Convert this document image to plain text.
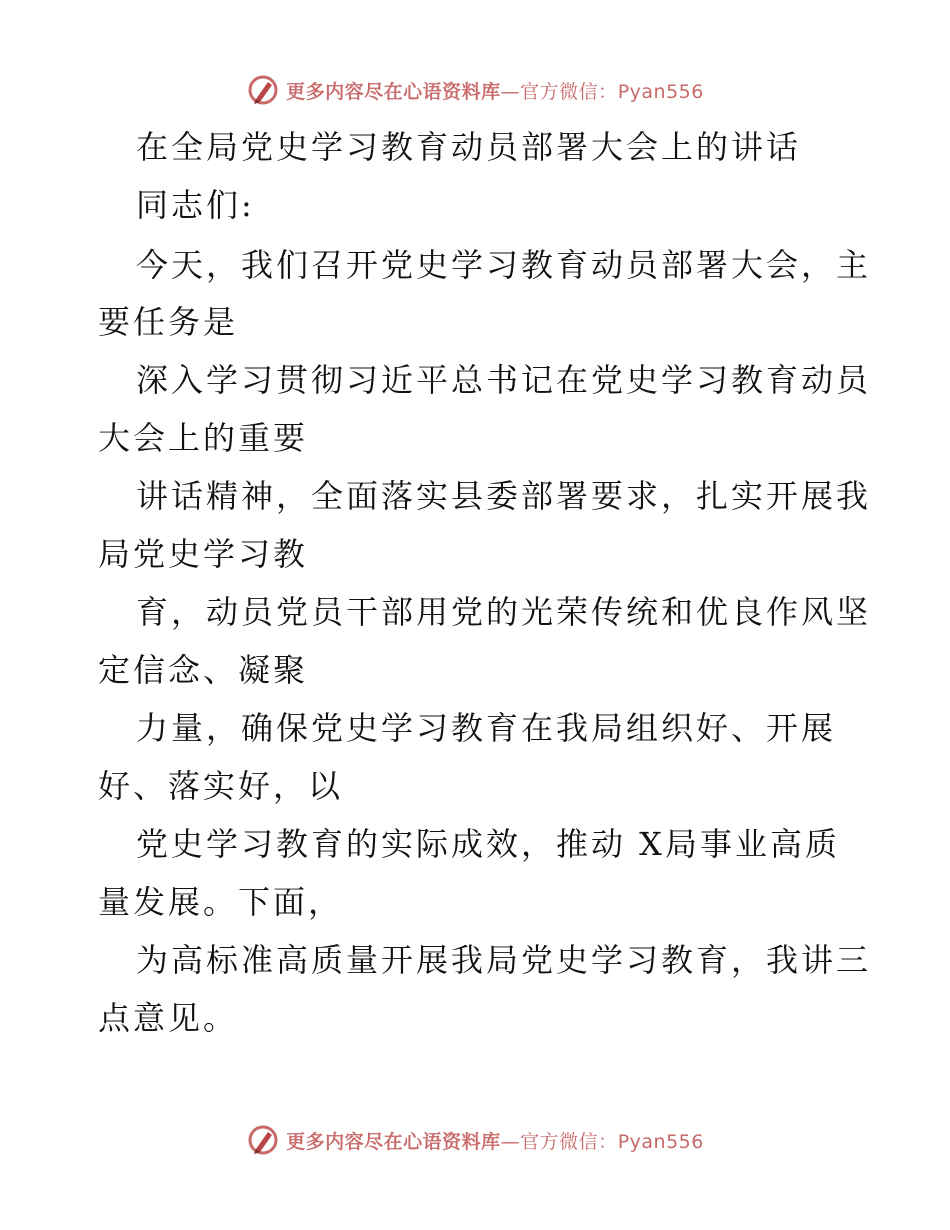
更多内容尽在心语资料库—官方微信：Pyan556
在全局党史学习教育动员部署大会上的讲话
同志们:
今天，我们召开党史学习教育动员部署大会，主
要任务是
深入学习贯彻习近平总书记在党史学习教育动员
大会上的重要
讲话精神，全面落实县委部署要求，扎实开展我
局党史学习教
育，动员党员干部用党的光荣传统和优良作风坚
定信念、凝聚
力量，确保党史学习教育在我局组织好、开展
好、落实好，以
党史学习教育的实际成效，推动 X局事业高质
量发展。下面，
为高标准高质量开展我局党史学习教育，我讲三
点意见。
更多内容尽在心语资料库—官方微信：Pyan556
